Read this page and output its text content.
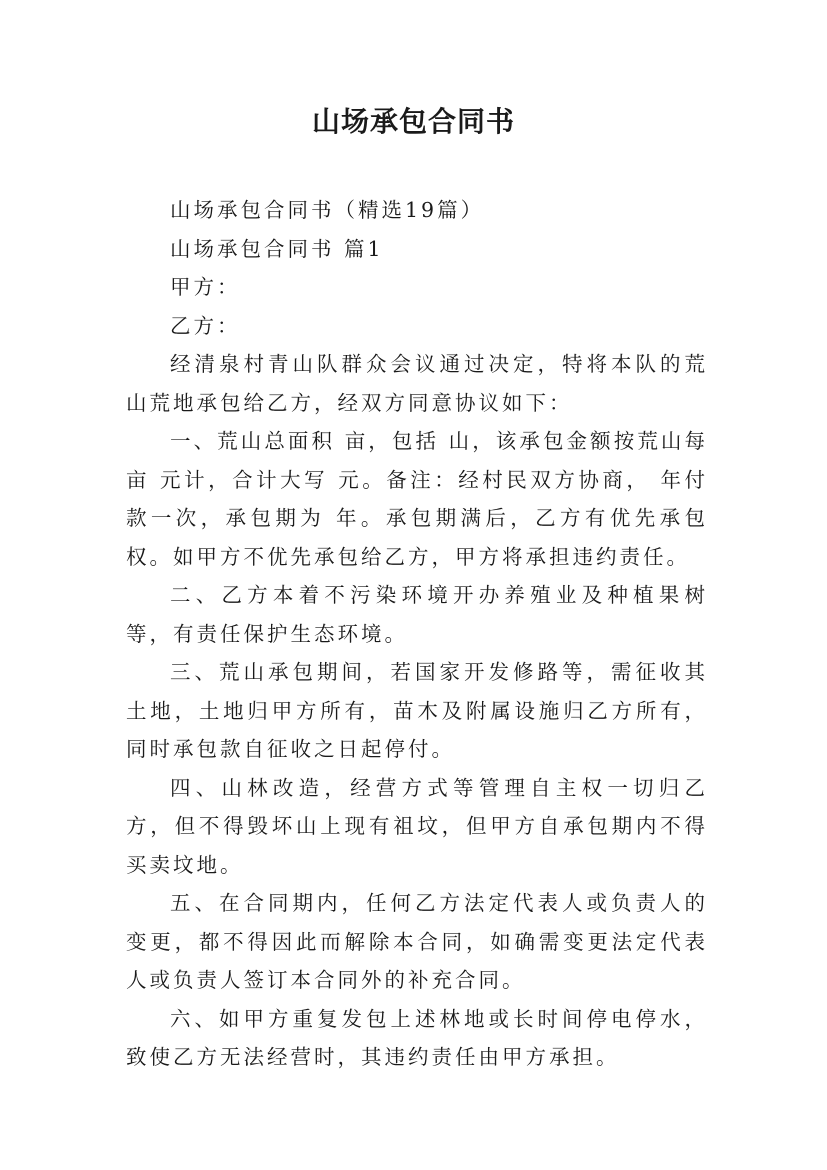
山场承包合同书

山场承包合同书（精选19篇）

山场承包合同书 篇1

甲方：

乙方：

经清泉村青山队群众会议通过决定，特将本队的荒山荒地承包给乙方，经双方同意协议如下：

一、荒山总面积 亩，包括 山，该承包金额按荒山每亩 元计，合计大写 元。备注：经村民双方协商， 年付款一次，承包期为 年。承包期满后，乙方有优先承包权。如甲方不优先承包给乙方，甲方将承担违约责任。

二、乙方本着不污染环境开办养殖业及种植果树等，有责任保护生态环境。

三、荒山承包期间，若国家开发修路等，需征收其土地，土地归甲方所有，苗木及附属设施归乙方所有，同时承包款自征收之日起停付。

四、山林改造，经营方式等管理自主权一切归乙方，但不得毁坏山上现有祖坟，但甲方自承包期内不得买卖坟地。

五、在合同期内，任何乙方法定代表人或负责人的变更，都不得因此而解除本合同，如确需变更法定代表人或负责人签订本合同外的补充合同。

六、如甲方重复发包上述林地或长时间停电停水，致使乙方无法经营时，其违约责任由甲方承担。
